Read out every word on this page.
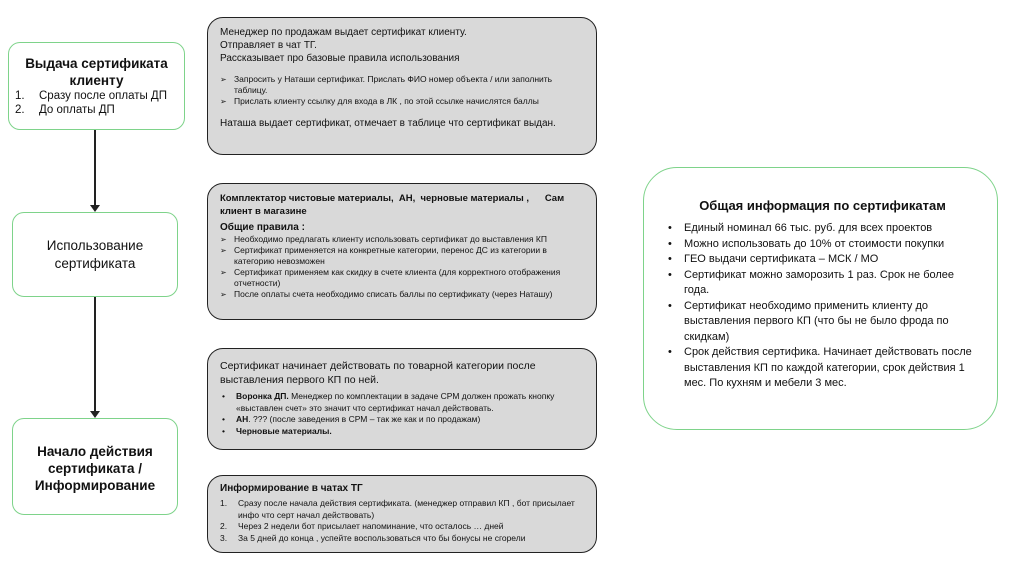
Выдача сертификата клиенту
1. Сразу после оплаты ДП
2. До оплаты ДП
Использование сертификата
Начало действия сертификата / Информирование
Менеджер по продажам выдает сертификат клиенту.
Отправляет в чат ТГ.
Рассказывает про базовые правила использования
➢ Запросить у Наташи сертификат. Прислать ФИО номер объекта / или заполнить таблицу.
➢ Прислать клиенту ссылку для входа в ЛК , по этой ссылке начислятся баллы
Наташа выдает сертификат, отмечает в таблице что сертификат выдан.
Комплектатор чистовые материалы,  АН,  черновые материалы ,      Сам клиент в магазине
Общие правила :
➢ Необходимо предлагать клиенту использовать сертификат до выставления КП
➢ Сертификат применяется на конкретные категории, перенос ДС из категории в категорию невозможен
➢ Сертификат применяем как скидку в счете клиента (для корректного отображения отчетности)
➢ После оплаты счета необходимо списать баллы по сертификату (через Наташу)
Сертификат начинает действовать по товарной категории после выставления первого КП по ней.
• Воронка ДП. Менеджер по комплектации в задаче СРМ должен прожать кнопку «выставлен счет» это значит что сертификат начал действовать.
• АН. ??? (после заведения в СРМ – так же как и по продажам)
• Черновые материалы.
Информирование в чатах ТГ
1. Сразу после начала действия сертификата. (менеджер отправил КП , бот присылает инфо что серт начал действовать)
2. Через 2 недели бот присылает напоминание, что осталось … дней
3. За 5 дней до конца , успейте воспользоваться что бы бонусы не сгорели
Общая информация по сертификатам
• Единый номинал 66 тыс. руб. для всех проектов
• Можно использовать до 10% от стоимости покупки
• ГЕО выдачи сертификата – МСК / МО
• Сертификат можно заморозить 1 раз. Срок не более года.
• Сертификат необходимо применить клиенту до выставления первого КП (что бы не было фрода по скидкам)
• Срок действия сертифика. Начинает действовать после выставления КП по каждой категории, срок действия 1 мес. По кухням и мебели 3 мес.
